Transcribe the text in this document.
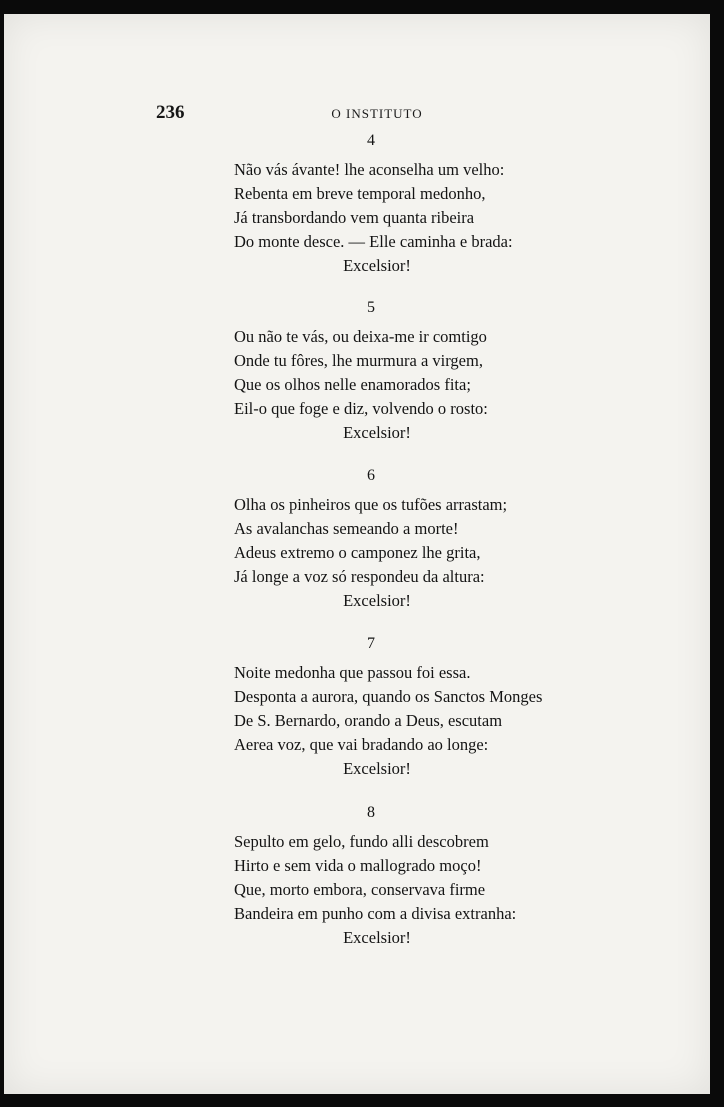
236	O INSTITUTO
4
Não vás ávante! lhe aconselha um velho:
Rebenta em breve temporal medonho,
Já transbordando vem quanta ribeira
Do monte desce. — Elle caminha e brada:
Excelsior!
5
Ou não te vás, ou deixa-me ir comtigo
Onde tu fôres, lhe murmura a virgem,
Que os olhos nelle enamorados fita;
Eil-o que foge e diz, volvendo o rosto:
Excelsior!
6
Olha os pinheiros que os tufões arrastam;
As avalanchas semeando a morte!
Adeus extremo o camponez lhe grita,
Já longe a voz só respondeu da altura:
Excelsior!
7
Noite medonha que passou foi essa.
Desponta a aurora, quando os Sanctos Monges
De S. Bernardo, orando a Deus, escutam
Aerea voz, que vai bradando ao longe:
Excelsior!
8
Sepulto em gelo, fundo alli descobrem
Hirto e sem vida o mallogrado moço!
Que, morto embora, conservava firme
Bandeira em punho com a divisa extranha:
Excelsior!
